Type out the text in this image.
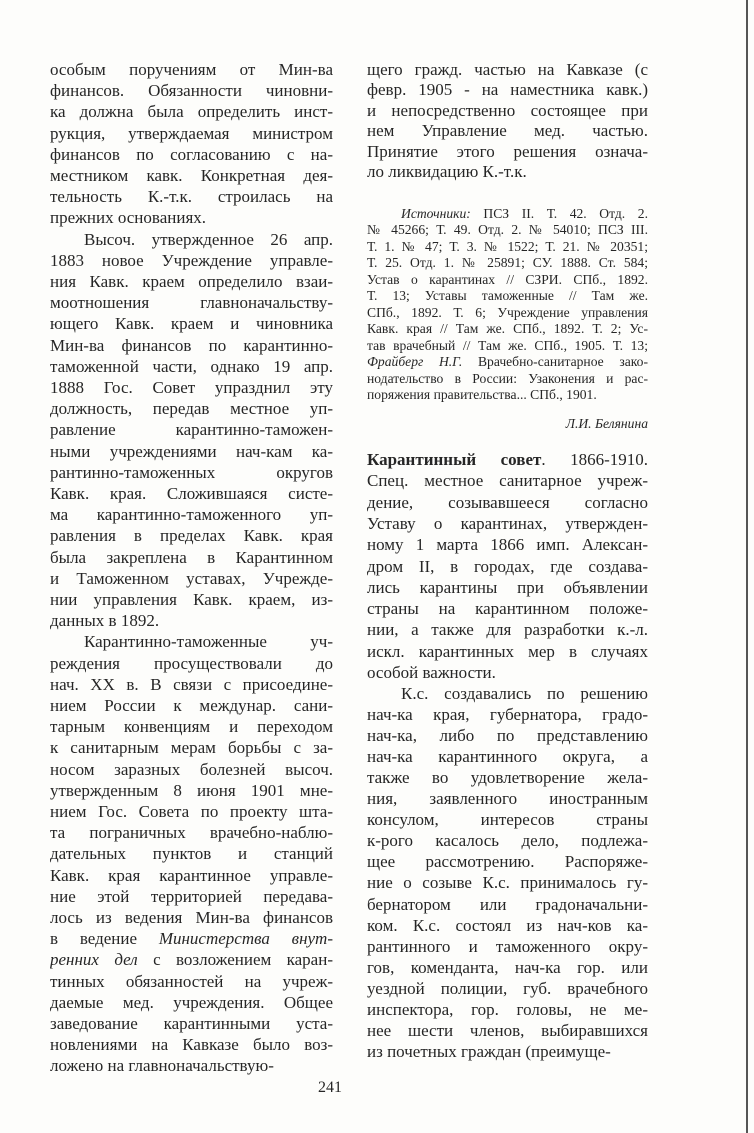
особым поручениям от Мин-ва
финансов. Обязанности чиновни-
ка должна была определить инст-
рукция, утверждаемая министром
финансов по согласованию с на-
местником кавк. Конкретная дея-
тельность К.-т.к. строилась на
прежних основаниях.
Высоч. утвержденное 26 апр.
1883 новое Учреждение управле-
ния Кавк. краем определило взаи-
моотношения главноначальству-
ющего Кавк. краем и чиновника
Мин-ва финансов по карантинно-
таможенной части, однако 19 апр.
1888 Гос. Совет упразднил эту
должность, передав местное уп-
равление карантинно-таможен-
ными учреждениями нач-кам ка-
рантинно-таможенных округов
Кавк. края. Сложившаяся систе-
ма карантинно-таможенного уп-
равления в пределах Кавк. края
была закреплена в Карантинном
и Таможенном уставах, Учрежде-
нии управления Кавк. краем, из-
данных в 1892.
Карантинно-таможенные уч-
реждения просуществовали до
нач. XX в. В связи с присоедине-
нием России к междунар. сани-
тарным конвенциям и переходом
к санитарным мерам борьбы с за-
носом заразных болезней высоч.
утвержденным 8 июня 1901 мне-
нием Гос. Совета по проекту шта-
та пограничных врачебно-наблю-
дательных пунктов и станций
Кавк. края карантинное управле-
ние этой территорией передава-
лось из ведения Мин-ва финансов
в ведение Министерства внут-
ренних дел с возложением каран-
тинных обязанностей на учреж-
даемые мед. учреждения. Общее
заведование карантинными уста-
новлениями на Кавказе было воз-
ложено на главноначальствую-
щего гражд. частью на Кавказе (с
февр. 1905 - на наместника кавк.)
и непосредственно состоящее при
нем Управление мед. частью.
Принятие этого решения означа-
ло ликвидацию К.-т.к.
Источники: ПСЗ II. Т. 42. Отд. 2.
№ 45266; Т. 49. Отд. 2. № 54010; ПСЗ III.
Т. 1. № 47; Т. 3. № 1522; Т. 21. № 20351;
Т. 25. Отд. 1. № 25891; СУ. 1888. Ст. 584;
Устав о карантинах // СЗРИ. СПб., 1892.
Т. 13; Уставы таможенные // Там же.
СПб., 1892. Т. 6; Учреждение управления
Кавк. края // Там же. СПб., 1892. Т. 2; Ус-
тав врачебный // Там же. СПб., 1905. Т. 13;
Фрайберг Н.Г. Врачебно-санитарное зако-
нодательство в России: Узаконения и рас-
поряжения правительства... СПб., 1901.
Карантинный совет. 1866-1910.
Спец. местное санитарное учреж-
дение, созывавшееся согласно
Уставу о карантинах, утвержден-
ному 1 марта 1866 имп. Алексан-
дром II, в городах, где создава-
лись карантины при объявлении
страны на карантинном положе-
нии, а также для разработки к.-л.
искл. карантинных мер в случаях
особой важности.
К.с. создавались по решению
нач-ка края, губернатора, градо-
нач-ка, либо по представлению
нач-ка карантинного округа, а
также во удовлетворение жела-
ния, заявленного иностранным
консулом, интересов страны
к-рого касалось дело, подлежа-
щее рассмотрению. Распоряже-
ние о созыве К.с. принималось гу-
бернатором или градоначальни-
ком. К.с. состоял из нач-ков ка-
рантинного и таможенного окру-
гов, коменданта, нач-ка гор. или
уездной полиции, губ. врачебного
инспектора, гор. головы, не ме-
нее шести членов, выбиравшихся
из почетных граждан (преимуще-
Л.И. Белянина
241
